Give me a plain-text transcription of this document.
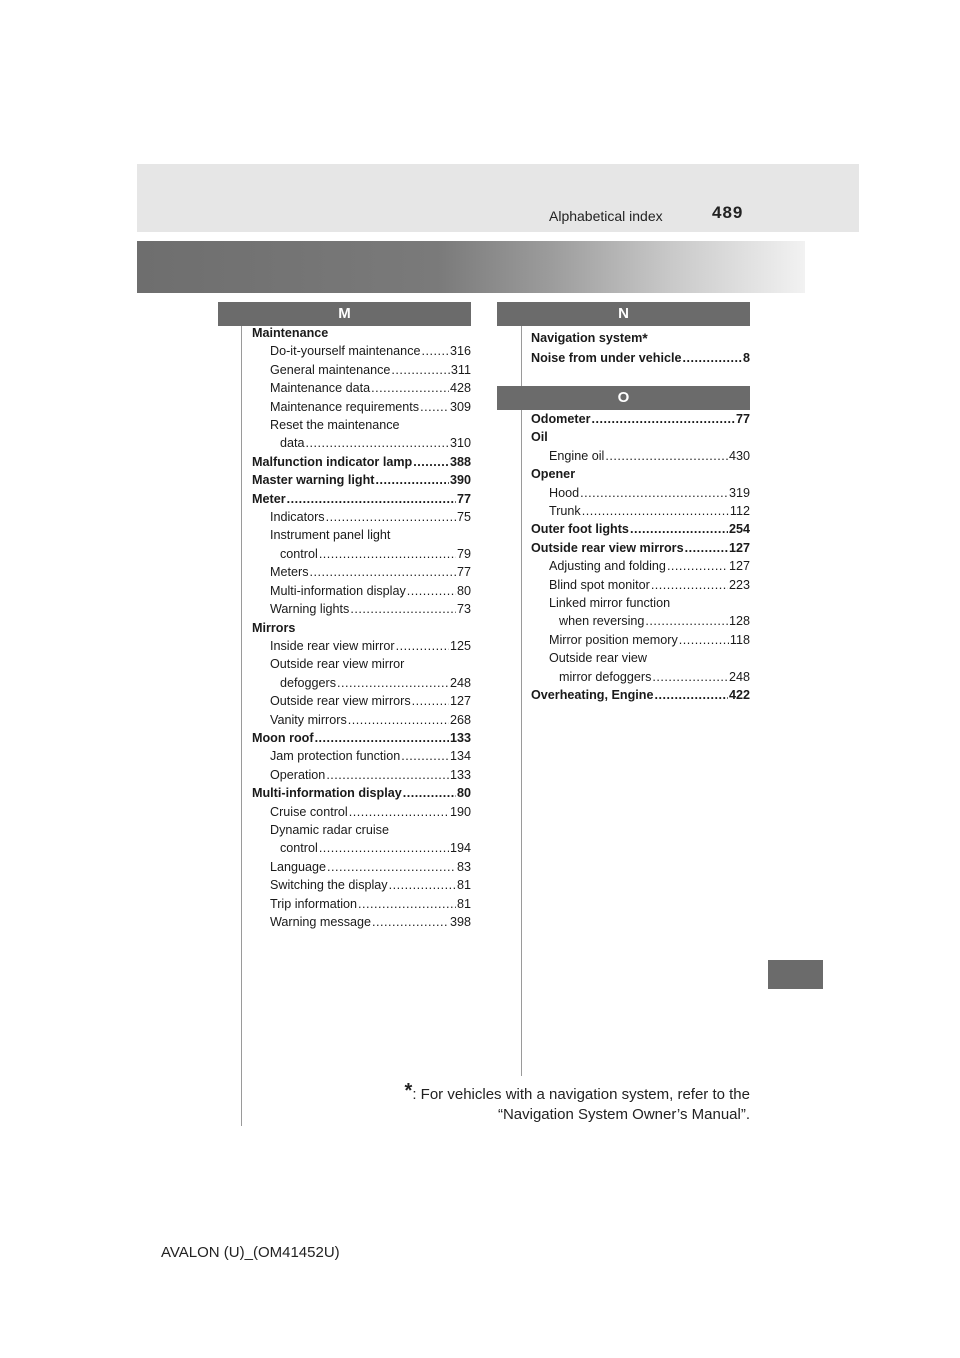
Alphabetical index	489
M	N
O
Maintenance
Do-it-yourself maintenance ..... 316
General maintenance .....	311
Maintenance data .....	428
Maintenance requirements ..... 309
Reset the maintenance
data .....	310
Malfunction indicator lamp .....	388
Master warning light .....	390
Meter .....	77
Indicators .....	75
Instrument panel light
control .....	79
Meters .....	77
Multi-information display .....	80
Warning lights .....	73
Mirrors
Inside rear view mirror .....	125
Outside rear view mirror
defoggers .....	248
Outside rear view mirrors .....	127
Vanity mirrors .....	268
Moon roof .....	133
Jam protection function .....	134
Operation .....	133
Multi-information display .....	80
Cruise control .....	190
Dynamic radar cruise
control .....	194
Language .....	83
Switching the display .....	81
Trip information .....	81
Warning message .....	398
Navigation system *
Noise from under vehicle .....	8
Odometer .....	77
Oil
Engine oil .....	430
Opener
Hood .....	319
Trunk .....	112
Outer foot lights .....	254
Outside rear view mirrors .....	127
Adjusting and folding .....	127
Blind spot monitor .....	223
Linked mirror function
when reversing .....	128
Mirror position memory .....	118
Outside rear view
mirror defoggers .....	248
Overheating, Engine .....	422
*: For vehicles with a navigation system, refer to the
“Navigation System Owner’s Manual”.
AVALON (U)_(OM41452U)
